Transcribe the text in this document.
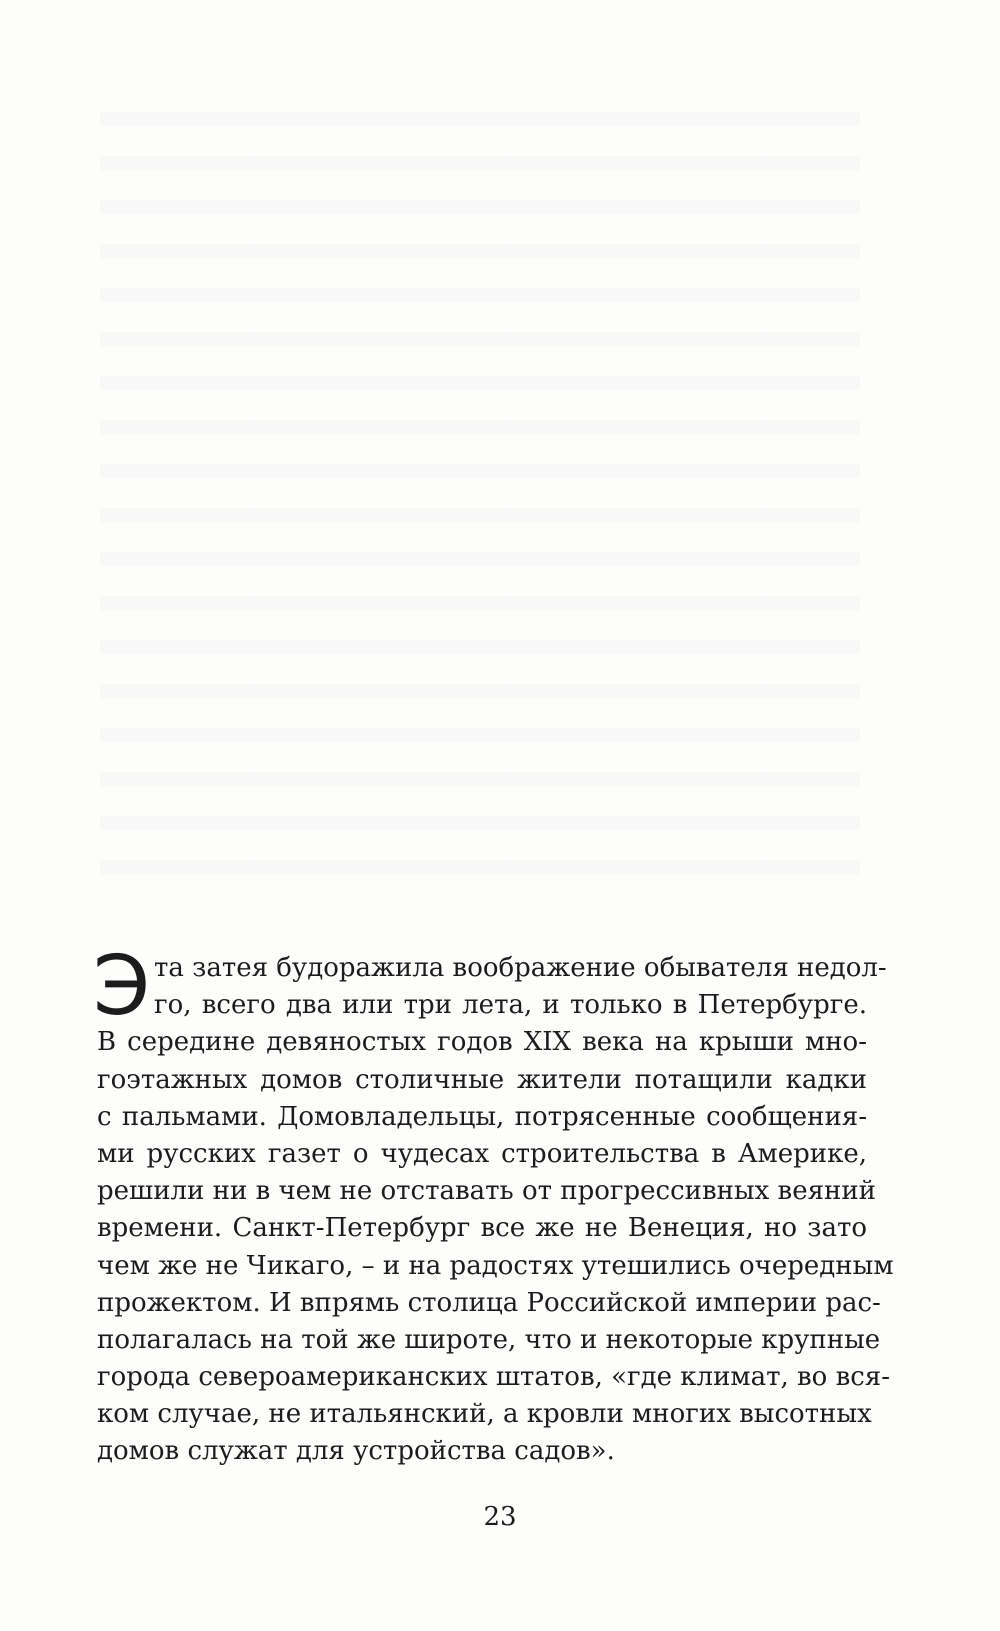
Э та затея будоражила воображение обывателя недол-
го, всего два или три лета, и только в Петербурге.
В середине девяностых годов XIX века на крыши мно-
гоэтажных домов столичные жители потащили кадки
с пальмами. Домовладельцы, потрясенные сообщения-
ми русских газет о чудесах строительства в Америке,
решили ни в чем не отставать от прогрессивных веяний
времени. Санкт-Петербург все же не Венеция, но зато
чем же не Чикаго, – и на радостях утешились очередным
прожектом. И впрямь столица Российской империи рас-
полагалась на той же широте, что и некоторые крупные
города североамериканских штатов, «где климат, во вся-
ком случае, не итальянский, а кровли многих высотных
домов служат для устройства садов».
23
